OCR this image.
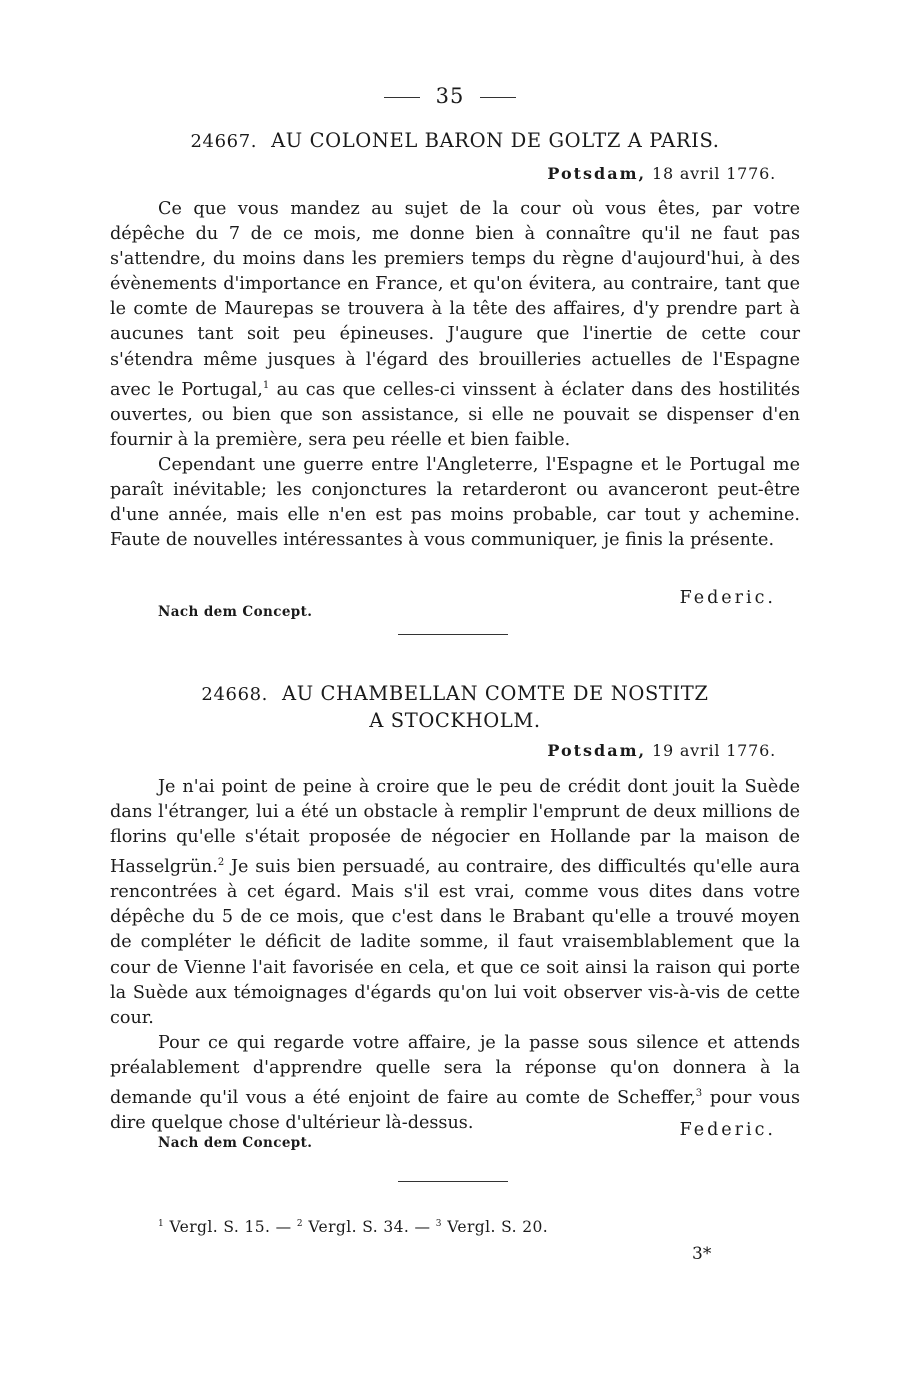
35
24667. AU COLONEL BARON DE GOLTZ A PARIS.
Potsdam, 18 avril 1776.

Ce que vous mandez au sujet de la cour où vous êtes, par votre dépêche du 7 de ce mois, me donne bien à connaître qu'il ne faut pas s'attendre, du moins dans les premiers temps du règne d'aujourd'hui, à des évènements d'importance en France, et qu'on évitera, au contraire, tant que le comte de Maurepas se trouvera à la tête des affaires, d'y prendre part à aucunes tant soit peu épineuses. J'augure que l'inertie de cette cour s'étendra même jusques à l'égard des brouilleries actuelles de l'Espagne avec le Portugal,$^1$ au cas que celles-ci vinssent à éclater dans des hostilités ouvertes, ou bien que son assistance, si elle ne pouvait se dispenser d'en fournir à la première, sera peu réelle et bien faible.

Cependant une guerre entre l'Angleterre, l'Espagne et le Portugal me paraît inévitable; les conjonctures la retarderont ou avanceront peut-être d'une année, mais elle n'en est pas moins probable, car tout y achemine. Faute de nouvelles intéressantes à vous communiquer, je finis la présente.

Federic.
Nach dem Concept.
24668. AU CHAMBELLAN COMTE DE NOSTITZ
A STOCKHOLM.
Potsdam, 19 avril 1776.

Je n'ai point de peine à croire que le peu de crédit dont jouit la Suède dans l'étranger, lui a été un obstacle à remplir l'emprunt de deux millions de florins qu'elle s'était proposée de négocier en Hollande par la maison de Hasselgrün.$^2$ Je suis bien persuadé, au contraire, des difficultés qu'elle aura rencontrées à cet égard. Mais s'il est vrai, comme vous dites dans votre dépêche du 5 de ce mois, que c'est dans le Brabant qu'elle a trouvé moyen de compléter le déficit de ladite somme, il faut vraisemblablement que la cour de Vienne l'ait favorisée en cela, et que ce soit ainsi la raison qui porte la Suède aux témoignages d'égards qu'on lui voit observer vis-à-vis de cette cour.

Pour ce qui regarde votre affaire, je la passe sous silence et attends préalablement d'apprendre quelle sera la réponse qu'on donnera à la demande qu'il vous a été enjoint de faire au comte de Scheffer,$^3$ pour vous dire quelque chose d'ultérieur là-dessus.	Federic.
Nach dem Concept.
$^1$ Vergl. S. 15. — $^2$ Vergl. S. 34. — $^3$ Vergl. S. 20.
3*
